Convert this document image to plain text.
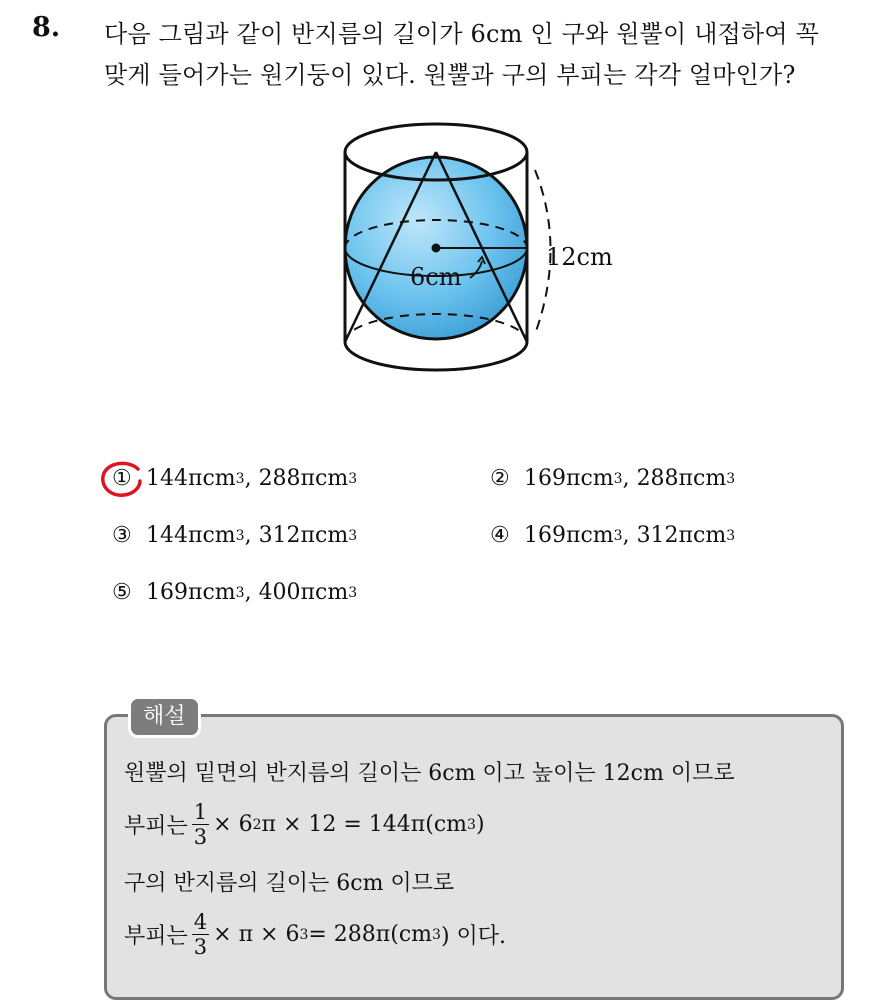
8. 다음 그림과 같이 반지름의 길이가 6cm 인 구와 원뿔이 내접하여 꼭
맞게 들어가는 원기둥이 있다. 원뿔과 구의 부피는 각각 얼마인가?
12cm
6cm
① 144πcm 3 , 288πcm 3	② 169πcm 3 , 288πcm 3
③ 144πcm 3 , 312πcm 3	④ 169πcm 3 , 312πcm 3
⑤ 169πcm 3 , 400πcm 3
해설
원뿔의 밑면의 반지름의 길이는 6cm 이고 높이는 12cm 이므로
부피는 $\frac{1}{3} \times 6$ 2 π × 12 = 144π(cm 3 )
구의 반지름의 길이는 6cm 이므로
부피는 $\frac{4}{3} \times \pi \times 6$ 3 = 288π(cm 3 ) 이다.
